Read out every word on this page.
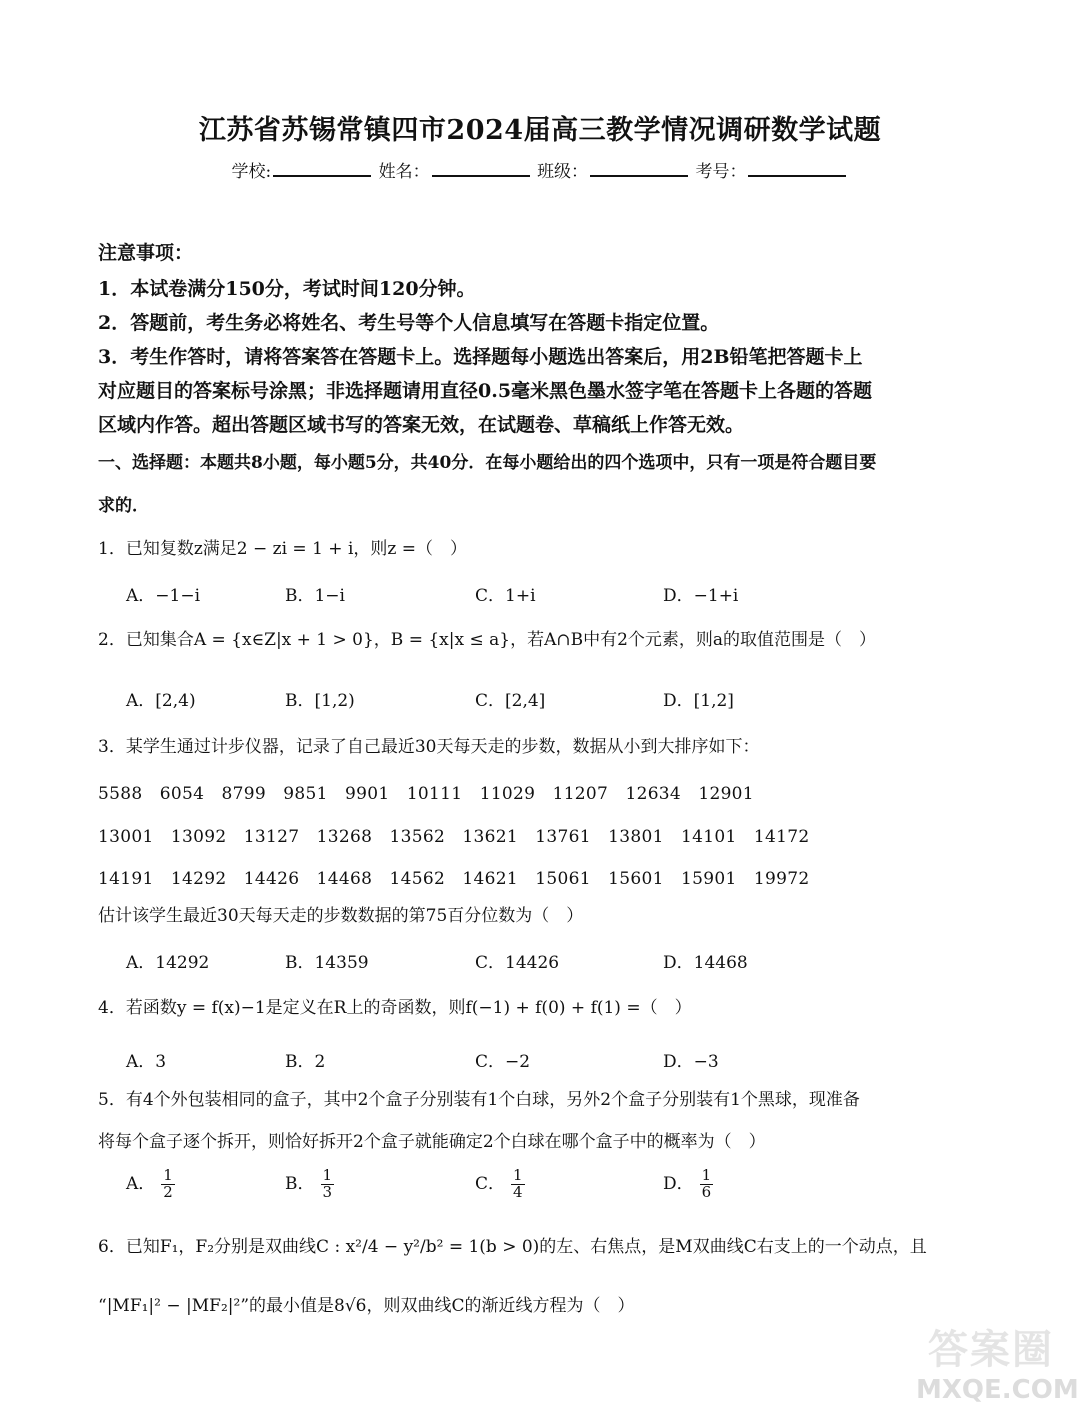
江苏省苏锡常镇四市2024届高三教学情况调研数学试题
学校:	姓名：	班级：	考号：
注意事项：
1．本试卷满分150分，考试时间120分钟。
2．答题前，考生务必将姓名、考生号等个人信息填写在答题卡指定位置。
3．考生作答时，请将答案答在答题卡上。选择题每小题选出答案后，用2B铅笔把答题卡上
对应题目的答案标号涂黑；非选择题请用直径0.5毫米黑色墨水签字笔在答题卡上各题的答题
区域内作答。超出答题区域书写的答案无效，在试题卷、草稿纸上作答无效。
一、选择题：本题共8小题，每小题5分，共40分．在每小题给出的四个选项中，只有一项是符合题目要
求的．
1．已知复数z满足2 − zi = 1 + i，则z =（　）
A．−1−i	B．1−i	C．1+i	D．−1+i
2．已知集合A = {x∈Z|x + 1 > 0}，B = {x|x ≤ a}，若A∩B中有2个元素，则a的取值范围是（　）
A．[2,4)	B．[1,2)	C．[2,4]	D．[1,2]
3．某学生通过计步仪器，记录了自己最近30天每天走的步数，数据从小到大排序如下：
5588　6054　8799　9851　9901　10111　11029　11207　12634　12901
13001　13092　13127　13268　13562　13621　13761　13801　14101　14172
14191　14292　14426　14468　14562　14621　15061　15601　15901　19972
估计该学生最近30天每天走的步数数据的第75百分位数为（　）
A．14292	B．14359	C．14426	D．14468
4．若函数y = f(x)−1是定义在R上的奇函数，则f(−1) + f(0) + f(1) =（　）
A．3	B．2	C．−2	D．−3
5．有4个外包装相同的盒子，其中2个盒子分别装有1个白球，另外2个盒子分别装有1个黑球，现准备
将每个盒子逐个拆开，则恰好拆开2个盒子就能确定2个白球在哪个盒子中的概率为（　）
A． $\frac{1}{2}$	B． $\frac{1}{3}$	C． $\frac{1}{4}$	D． $\frac{1}{6}$
6．已知F₁，F₂分别是双曲线C : x²/4 − y²/b² = 1(b > 0)的左、右焦点，是M双曲线C右支上的一个动点，且
“|MF₁|² − |MF₂|²”的最小值是8√6，则双曲线C的渐近线方程为（　）
答案圈
MXQE.COM
